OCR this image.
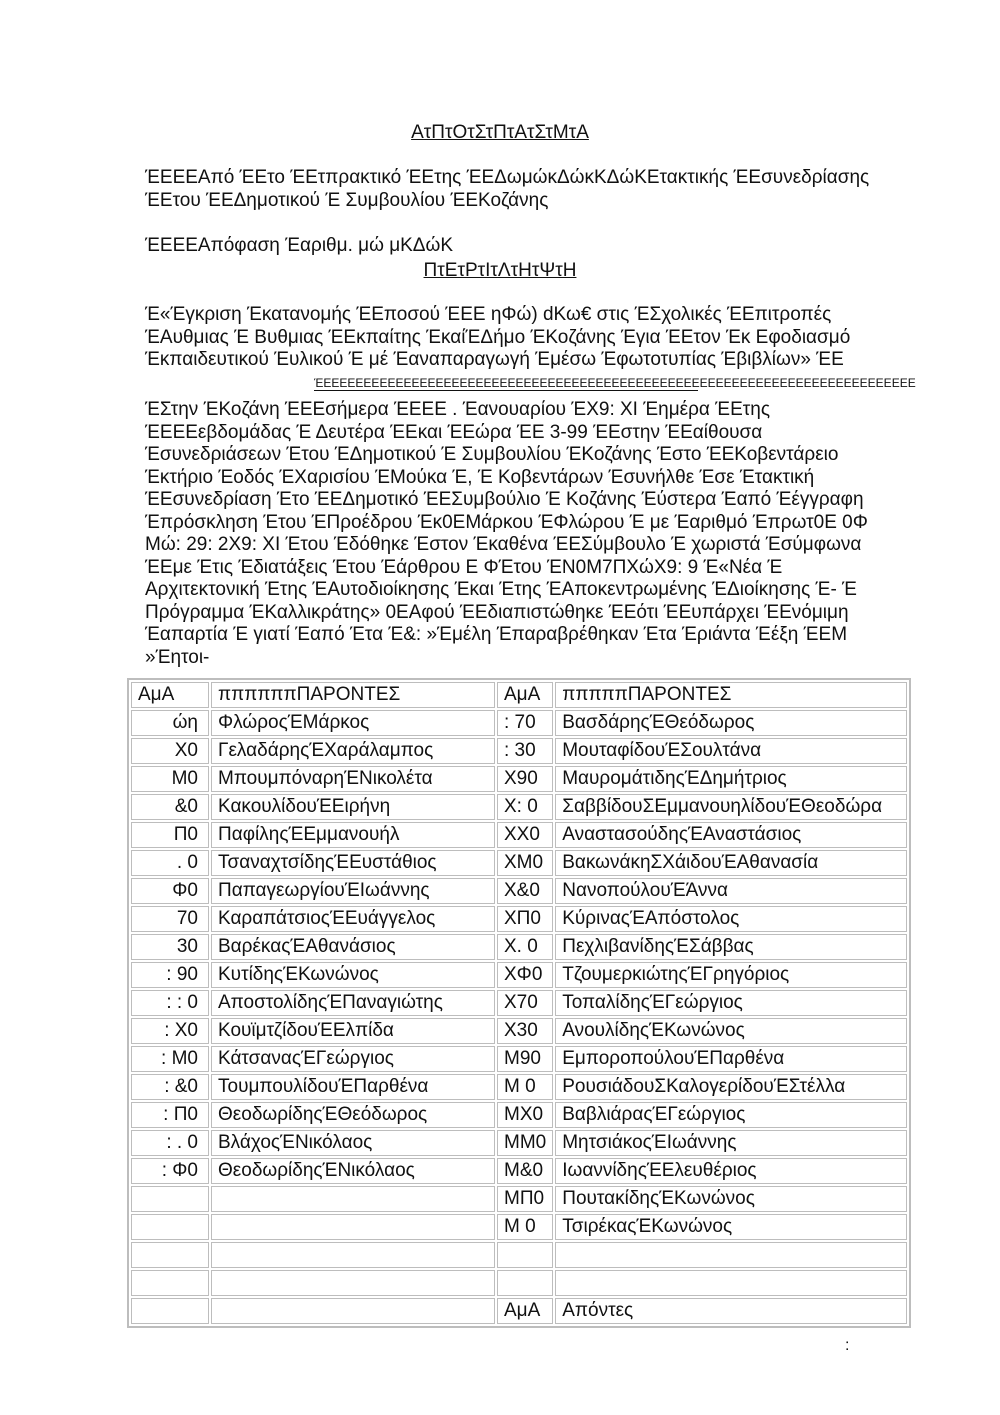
ΑτΠτΟτΣτΠτΑτΣτΜτΑ
ΈΕΕΕΑπό ΈΕτο ΈΕτπρακτικό ΈΕτης ΈΕΔωμώκΔώκΚΔώΚΕτακτικής ΈΕσυνεδρίασης ΈΕτου ΈΕΔημοτικού Έ Συμβουλίου ΈΕΚοζάνης
ΈΕΕΕΑπόφαση Έαριθμ. μώ μΚΔώΚ
ΠτΕτΡτΙτΛτΗτΨτΗ
Έ«Έγκριση Έκατανομής ΈΕποσού ΈΕΕ ηΦώ) dΚω€ στις ΈΣχολικές ΈΕπιτροπές ΈΑυθμιας Έ Βυθμιας ΈΕκπαίτης ΈκαίΈΔήμο ΈΚοζάνης Έγια ΈΕτον Έκ Εφοδιασμό Έκπαιδευτικού Έυλικού Έ μέ Έαναπαραγωγή Έμέσω Έφωτοτυπίας Έβιβλίων» ΈΕ
ΈΕΕΕΕΕΕΕΕΕΕΕΕΕΕΕΕΕΕΕΕΕΕΕΕΕΕΕΕΕΕΕΕΕΕΕΕΕΕΕΕΕΕΕΕΕΕΕΕΕΕΕΕΕΕΕΕΕΕΕΕΕΕΕΕΕΕΕΕΕΕΕΕΕΕ
ΈΣτην ΈΚοζάνη ΈΕΕσήμερα ΈΕΕΕ . Έανουαρίου ΈΧ9: ΧΙ Έημέρα ΈΕτης ΈΕΕΕεβδομάδας Έ Δευτέρα ΈΕκαι ΈΕώρα ΈΕ 3-99 ΈΕστην ΈΕαίθουσα Έσυνεδριάσεων Έτου ΈΔημοτικού Έ Συμβουλίου ΈΚοζάνης Έστο ΈΕΚοβεντάρειο Έκτήριο Έοδός ΈΧαρισίου ΈΜούκα Έ, Έ Κοβεντάρων Έσυνήλθε Έσε Έτακτική ΈΕσυνεδρίαση Έτο ΈΕΔημοτικό ΈΕΣυμβούλιο Έ Κοζάνης Έύστερα Έαπό Έέγγραφη Έπρόσκληση Έτου ΈΠροέδρου Έκ0ΕΜάρκου ΈΦλώρου Έ με Έαριθμό Έπρωτ0Ε 0Φ Μώ: 29: 2Χ9: ΧΙ Έτου Έδόθηκε Έστον Έκαθένα ΈΕΣύμβουλο Έ χωριστά Έσύμφωνα ΈΕμε Έτις Έδιατάξεις Έτου Έάρθρου Ε ΦΈτου ΈΝ0Μ7ΠΧώΧ9: 9 Έ«Νέα Έ Αρχιτεκτονική Έτης ΈΑυτοδιοίκησης Έκαι Έτης ΈΑποκεντρωμένης ΈΔιοίκησης Έ- Έ Πρόγραμμα ΈΚαλλικράτης» 0ΕΑφού ΈΕδιαπιστώθηκε ΈΕότι ΈΕυπάρχει ΈΕνόμιμη Έαπαρτία Έ γιατί Έαπό Έτα Έ&: »Έμέλη Έπαραβρέθηκαν Έτα Έριάντα Έέξη ΈΕΜ »Έητοι-
ΑμΑ	ππππππΠΑΡΟΝΤΕΣ	ΑμΑ	πππππΠΑΡΟΝΤΕΣ
ώη	ΦλώροςΈΜάρκος	: 70	ΒασδάρηςΈΘεόδωρος
Χ0	ΓελαδάρηςΈΧαράλαμπος	: 30	ΜουταφίδουΈΣουλτάνα
Μ0	ΜπουμπόναρηΈΝικολέτα	Χ90	ΜαυρομάτιδηςΈΔημήτριος
&0	ΚακουλίδουΈΕιρήνη	Χ: 0	ΣαββίδουΣΕμμανουηλίδουΈΘεοδώρα
Π0	ΠαφίληςΈΕμμανουήλ	ΧΧ0	ΑναστασούδηςΈΑναστάσιος
. 0	ΤσαναχτσίδηςΈΕυστάθιος	ΧΜ0	ΒακωνάκηΣΧάιδουΈΑθανασία
Φ0	ΠαπαγεωργίουΈΙωάννης	Χ&0	ΝανοπούλουΈΆννα
70	ΚαραπάτσιοςΈΕυάγγελος	ΧΠ0	ΚύριναςΈΑπόστολος
30	ΒαρέκαςΈΑθανάσιος	Χ. 0	ΠεχλιβανίδηςΈΣάββας
: 90	ΚυτίδηςΈΚωνώνος	ΧΦ0	ΤζουμερκιώτηςΈΓρηγόριος
: : 0	ΑποστολίδηςΈΠαναγιώτης	Χ70	ΤοπαλίδηςΈΓεώργιος
: Χ0	ΚουϊμτζίδουΈΕλπίδα	Χ30	ΑνουλίδηςΈΚωνώνος
: Μ0	ΚάτσαναςΈΓεώργιος	Μ90	ΕμποροπούλουΈΠαρθένα
: &0	ΤουμπουλίδουΈΠαρθένα	Μ 0	ΡουσιάδουΣΚαλογερίδουΈΣτέλλα
: Π0	ΘεοδωρίδηςΈΘεόδωρος	ΜΧ0	ΒαβλιάραςΈΓεώργιος
: . 0	ΒλάχοςΈΝικόλαος	ΜΜ0	ΜητσιάκοςΈΙωάννης
: Φ0	ΘεοδωρίδηςΈΝικόλαος	Μ&0	ΙωαννίδηςΈΕλευθέριος
		ΜΠ0	ΠουτακίδηςΈΚωνώνος
		Μ 0	ΤσιρέκαςΈΚωνώνος

		ΑμΑ	Απόντες
:
